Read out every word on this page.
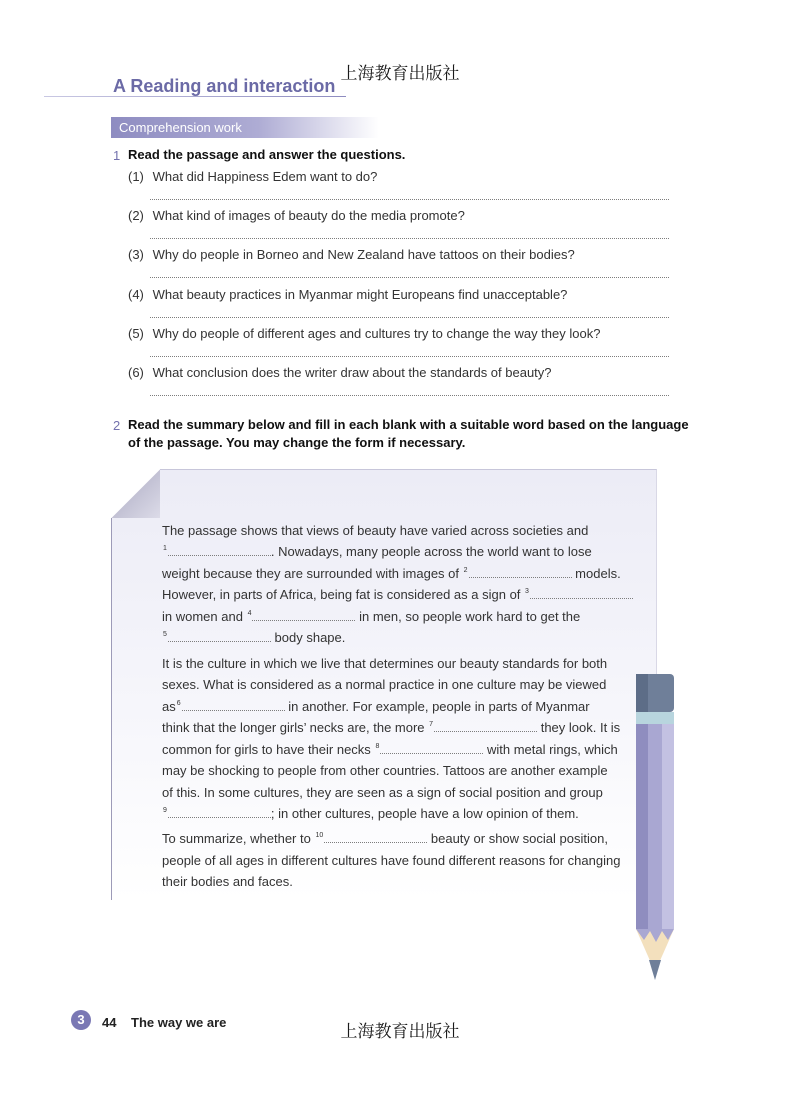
上海教育出版社
A Reading and interaction
Comprehension work
1 Read the passage and answer the questions.
(1) What did Happiness Edem want to do?
(2) What kind of images of beauty do the media promote?
(3) Why do people in Borneo and New Zealand have tattoos on their bodies?
(4) What beauty practices in Myanmar might Europeans find unacceptable?
(5) Why do people of different ages and cultures try to change the way they look?
(6) What conclusion does the writer draw about the standards of beauty?
2 Read the summary below and fill in each blank with a suitable word based on the language
of the passage. You may change the form if necessary.
The passage shows that views of beauty have varied across societies and
$^1$	. Nowadays, many people across the world want to lose
weight because they are surrounded with images of $^2$	models.
However, in parts of Africa, being fat is considered as a sign of $^3$
in women and $^4$	in men, so people work hard to get the
$^5$	body shape.
It is the culture in which we live that determines our beauty standards for both
sexes. What is considered as a normal practice in one culture may be viewed
$as^6$	in another. For example, people in parts of Myanmar
think that the longer girls’ necks are, the more $^7$	they look. It is
common for girls to have their necks $^8$	with metal rings, which
may be shocking to people from other countries. Tattoos are another example
of this. In some cultures, they are seen as a sign of social position and group
$^9$	; in other cultures, people have a low opinion of them.
To summarize, whether to $^{10}$	beauty or show social position,
people of all ages in different cultures have found different reasons for changing
their bodies and faces.
3	44 The way we are	上海教育出版社
